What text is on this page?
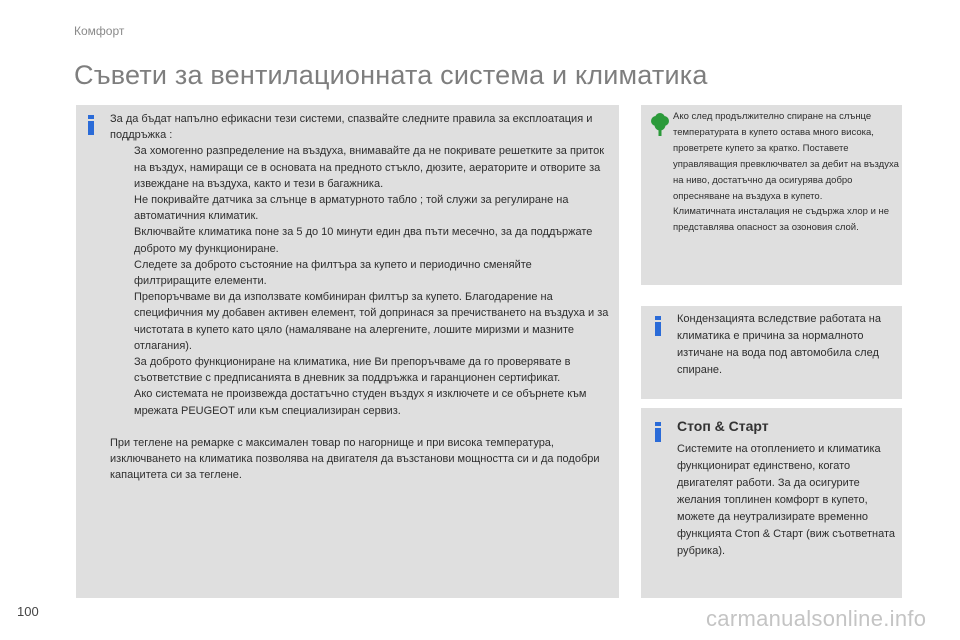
Комфорт
Съвети за вентилационната система и климатика

За да бъдат напълно ефикасни тези системи, спазвайте следните правила за експлоатация и поддръжка :

За хомогенно разпределение на въздуха, внимавайте да не покривате решетките за приток на въздух, намиращи се в основата на предното стъкло, дюзите, аераторите и отворите за извеждане на въздуха, както и тези в багажника.
Не покривайте датчика за слънце в арматурното табло ; той служи за регулиране на автоматичния климатик.
Включвайте климатика поне за 5 до 10 минути един два пъти месечно, за да поддържате доброто му функциониране.
Следете за доброто състояние на филтъра за купето и периодично сменяйте филтриращите елементи.
Препоръчваме ви да използвате комбиниран филтър за купето. Благодарение на специфичния му добавен активен елемент, той допринася за пречистването на въздуха и за чистотата в купето като цяло (намаляване на алергените, лошите миризми и мазните отлагания).
За доброто функциониране на климатика, ние Ви препоръчваме да го проверявате в съответствие с предписанията в дневник за поддръжка и гаранционен сертификат.
Ако системата не произвежда достатъчно студен въздух я изключете и се обърнете към мрежата PEUGEOT или към специализиран сервиз.

При теглене на ремарке с максимален товар по нагорнище и при висока температура, изключването на климатика позволява на двигателя да възстанови мощността си и да подобри капацитета си за теглене.

Ако след продължително спиране на слънце температурата в купето остава много висока, проветрете купето за кратко. Поставете управляващия превключвател за дебит на въздуха на ниво, достатъчно да осигурява добро опресняване на въздуха в купето.

Климатичната инсталация не съдържа хлор и не представлява опасност за озоновия слой.

Кондензацията вследствие работата на климатика е причина за нормалното изтичане на вода под автомобила след спиране.

Стоп & Старт

Системите на отоплението и климатика функционират единствено, когато двигателят работи. За да осигурите желания топлинен комфорт в купето, можете да неутрализирате временно функцията Стоп & Старт (виж съответната рубрика).

100	carmanualsonline.info
